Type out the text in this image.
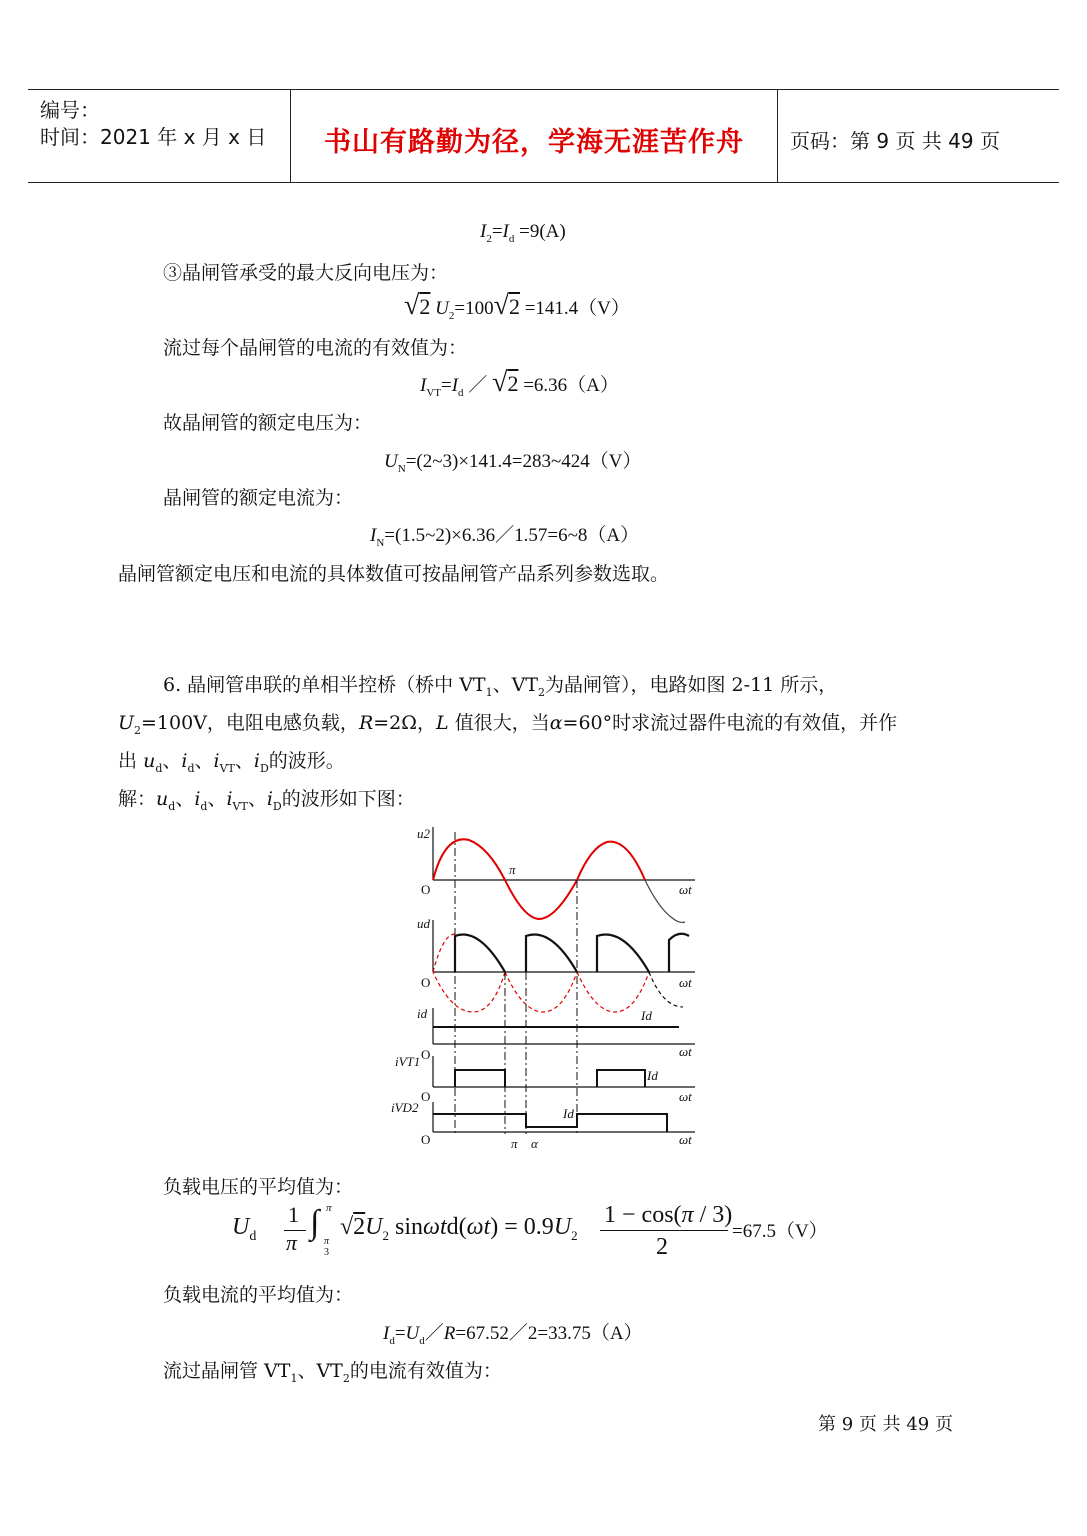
编号：
时间：2021 年 x 月 x 日	书山有路勤为径，学海无涯苦作舟	页码：第 9 页 共 49 页
$I_2=I_d =9(A)$
③晶闸管承受的最大反向电压为：
√2 $U_2=100√2 =141.4(V)$
流过每个晶闸管的电流的有效值为：
$I_{VT}=I_d$ ／ √2 =6.36（A）
故晶闸管的额定电压为：
$U_N=(2\sim 3)\times 141.4=283\sim 424(V)$
晶闸管的额定电流为：
$I_N=(1.5\sim 2)\times 6.36/1.57=6\sim 8(A)$
晶闸管额定电压和电流的具体数值可按晶闸管产品系列参数选取。
6. 晶闸管串联的单相半控桥（桥中 $VT_1$、$VT_2$为晶闸管），电路如图 2-11 所示，
$U_2=100V$，电阻电感负载，R=2Ω，L 值很大，当α=60°时求流过器件电流的有效值，并作
出 $u_d$、$i_d$、$i_{VT}$、$i_D$的波形。
解：$u_d$、$i_d$、$i_{VT}$、$i_D$的波形如下图：
u2
O
π
ωt
ud
O	ωt
id	Id
O	ωt
iVT1
Id
O	ωt
iVD2	Id
O	ωt
π α
负载电压的平均值为：
$U_d$
1
π
∫ π
π
3
$√2U_2$ $\sin\omega td(\omega t) = 0.9U_2$
1 − cos(π / 3)
2
=67.5（V）
负载电流的平均值为：
$I_d=U_d/R=67.52/2=33.75(A)$
流过晶闸管 $VT_1$、$VT_2$的电流有效值为：
第 9 页 共 49 页
